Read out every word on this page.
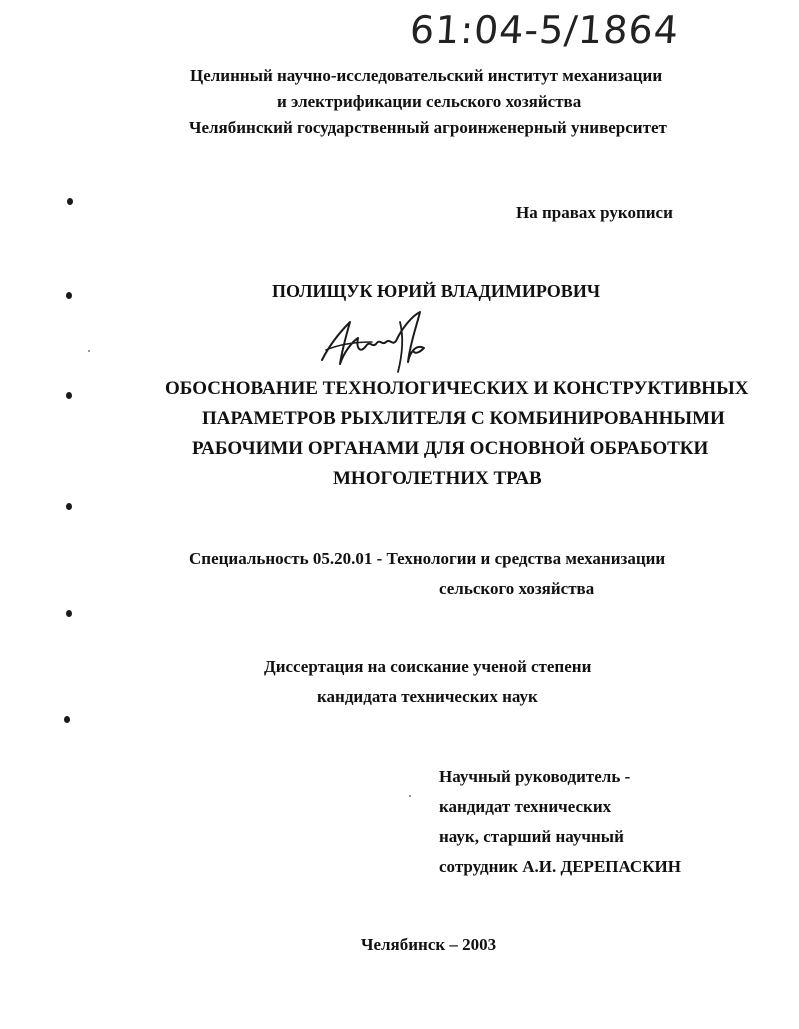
61:04-5/1864
Целинный научно-исследовательский институт механизации
и электрификации сельского хозяйства
Челябинский государственный агроинженерный университет
На правах рукописи
ПОЛИЩУК ЮРИЙ ВЛАДИМИРОВИЧ
ОБОСНОВАНИЕ ТЕХНОЛОГИЧЕСКИХ И КОНСТРУКТИВНЫХ
ПАРАМЕТРОВ РЫХЛИТЕЛЯ С КОМБИНИРОВАННЫМИ
РАБОЧИМИ ОРГАНАМИ ДЛЯ ОСНОВНОЙ ОБРАБОТКИ
МНОГОЛЕТНИХ ТРАВ
Специальность 05.20.01 - Технологии и средства механизации
сельского хозяйства
Диссертация на соискание ученой степени
кандидата технических наук
Научный руководитель -
кандидат технических
наук, старший научный
сотрудник А.И. ДЕРЕПАСКИН
Челябинск – 2003
